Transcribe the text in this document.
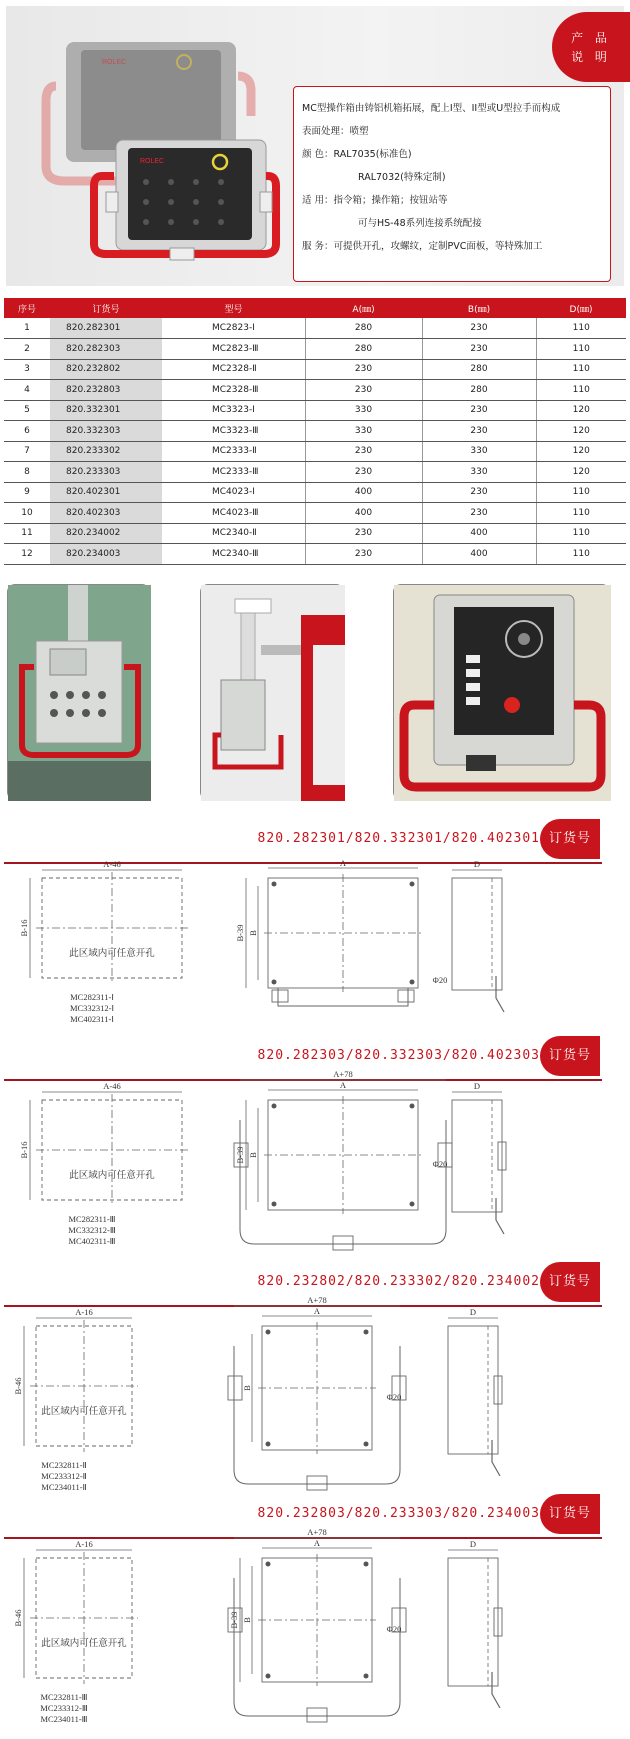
ROLEC
ROLEC
产 品
说 明
MC型操作箱由铸铝机箱拓展，配上I型、II型或U型拉手而构成
表面处理：喷塑
颜 色：RAL7035(标准色)
RAL7032(特殊定制)
适 用：指令箱；操作箱；按钮站等
可与HS-48系列连接系统配接
服 务：可提供开孔，攻螺纹，定制PVC面板，等特殊加工
序号	订货号	型号	A(㎜)	B(㎜)	D(㎜)
1	820.282301	MC2823-Ⅰ	280	230	110
2	820.282303	MC2823-Ⅲ	280	230	110
3	820.232802	MC2328-Ⅱ	230	280	110
4	820.232803	MC2328-Ⅲ	230	280	110
5	820.332301	MC3323-Ⅰ	330	230	120
6	820.332303	MC3323-Ⅲ	330	230	120
7	820.233302	MC2333-Ⅱ	230	330	120
8	820.233303	MC2333-Ⅲ	230	330	120
9	820.402301	MC4023-Ⅰ	400	230	110
10	820.402303	MC4023-Ⅲ	400	230	110
11	820.234002	MC2340-Ⅱ	230	400	110
12	820.234003	MC2340-Ⅲ	230	400	110
820.282301/820.332301/820.402301 订货号
A-46
B-16
此区域内可任意开孔
MC282311-Ⅰ
MC332312-Ⅰ
MC402311-Ⅰ
A
B
B-39
Φ20
D
820.282303/820.332303/820.402303 订货号
A-46
B-16
此区域内可任意开孔
MC282311-Ⅲ
MC332312-Ⅲ
MC402311-Ⅲ
A
B
B-39
A+78
Φ20
D
820.232802/820.233302/820.234002 订货号
A-16
B-46
此区域内可任意开孔
MC232811-Ⅱ
MC233312-Ⅱ
MC234011-Ⅱ
A
B
A+78
Φ20
D
820.232803/820.233303/820.234003 订货号
A-16
B-46
此区域内可任意开孔
MC232811-Ⅲ
MC233312-Ⅲ
MC234011-Ⅲ
A
B
B-39
A+78
Φ20
D
